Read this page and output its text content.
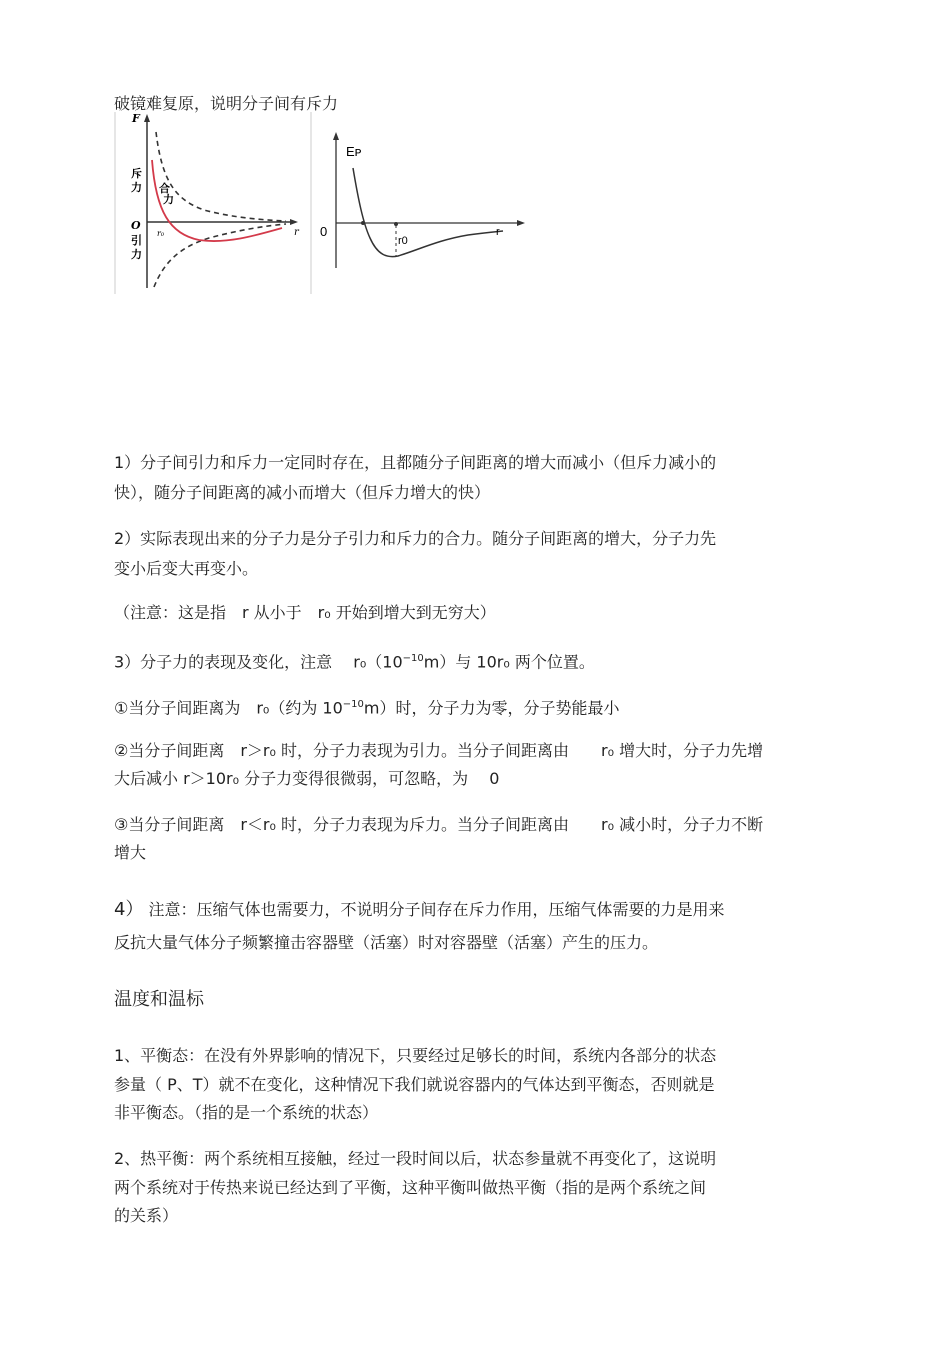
破镜难复原，说明分子间有斥力
F
斥
力 合
力
O
引
力
r₀	r
Eᴘ
0
r0
r
1）分子间引力和斥力一定同时存在，且都随分子间距离的增大而减小（但斥力减小的
快），随分子间距离的减小而增大（但斥力增大的快）
2）实际表现出来的分子力是分子引力和斥力的合力。随分子间距离的增大，分子力先
变小后变大再变小。
（注意：这是指　r 从小于　r₀ 开始到增大到无穷大）
3）分子力的表现及变化，注意　 $r_0(10^{-10}m)$与 10r₀ 两个位置。
①当分子间距离为　r₀（约为 $10^{-10}m$）时，分子力为零，分子势能最小
②当分子间距离　r＞r₀ 时，分子力表现为引力。当分子间距离由　　r₀ 增大时，分子力先增
大后减小 r＞10r₀ 分子力变得很微弱，可忽略，为　 0
③当分子间距离　r＜r₀ 时，分子力表现为斥力。当分子间距离由　　r₀ 减小时，分子力不断
增大
4） 注意：压缩气体也需要力，不说明分子间存在斥力作用，压缩气体需要的力是用来
反抗大量气体分子频繁撞击容器壁（活塞）时对容器壁（活塞）产生的压力。
温度和温标
1、平衡态：在没有外界影响的情况下，只要经过足够长的时间，系统内各部分的状态
参量（ P、T）就不在变化，这种情况下我们就说容器内的气体达到平衡态，否则就是
非平衡态。（指的是一个系统的状态）
2、热平衡：两个系统相互接触，经过一段时间以后，状态参量就不再变化了，这说明
两个系统对于传热来说已经达到了平衡，这种平衡叫做热平衡（指的是两个系统之间
的关系）
